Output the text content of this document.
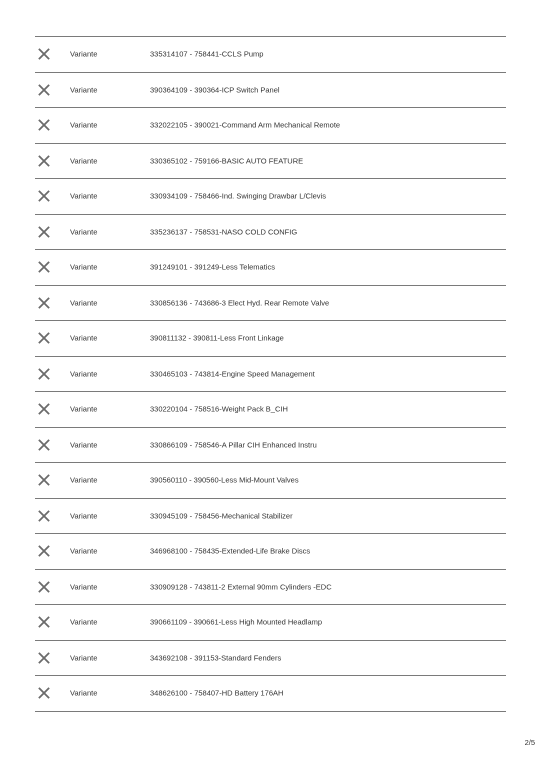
Variante	335314107 - 758441-CCLS Pump
Variante	390364109 - 390364-ICP Switch Panel
Variante	332022105 - 390021-Command Arm Mechanical Remote
Variante	330365102 - 759166-BASIC AUTO FEATURE
Variante	330934109 - 758466-Ind. Swinging Drawbar L/Clevis
Variante	335236137 - 758531-NASO COLD CONFIG
Variante	391249101 - 391249-Less Telematics
Variante	330856136 - 743686-3 Elect Hyd. Rear Remote Valve
Variante	390811132 - 390811-Less Front Linkage
Variante	330465103 - 743814-Engine Speed Management
Variante	330220104 - 758516-Weight Pack B_CIH
Variante	330866109 - 758546-A Pillar CIH Enhanced Instru
Variante	390560110 - 390560-Less Mid-Mount Valves
Variante	330945109 - 758456-Mechanical Stabilizer
Variante	346968100 - 758435-Extended-Life Brake Discs
Variante	330909128 - 743811-2 External 90mm Cylinders -EDC
Variante	390661109 - 390661-Less High Mounted Headlamp
Variante	343692108 - 391153-Standard Fenders
Variante	348626100 - 758407-HD Battery 176AH
2/5
